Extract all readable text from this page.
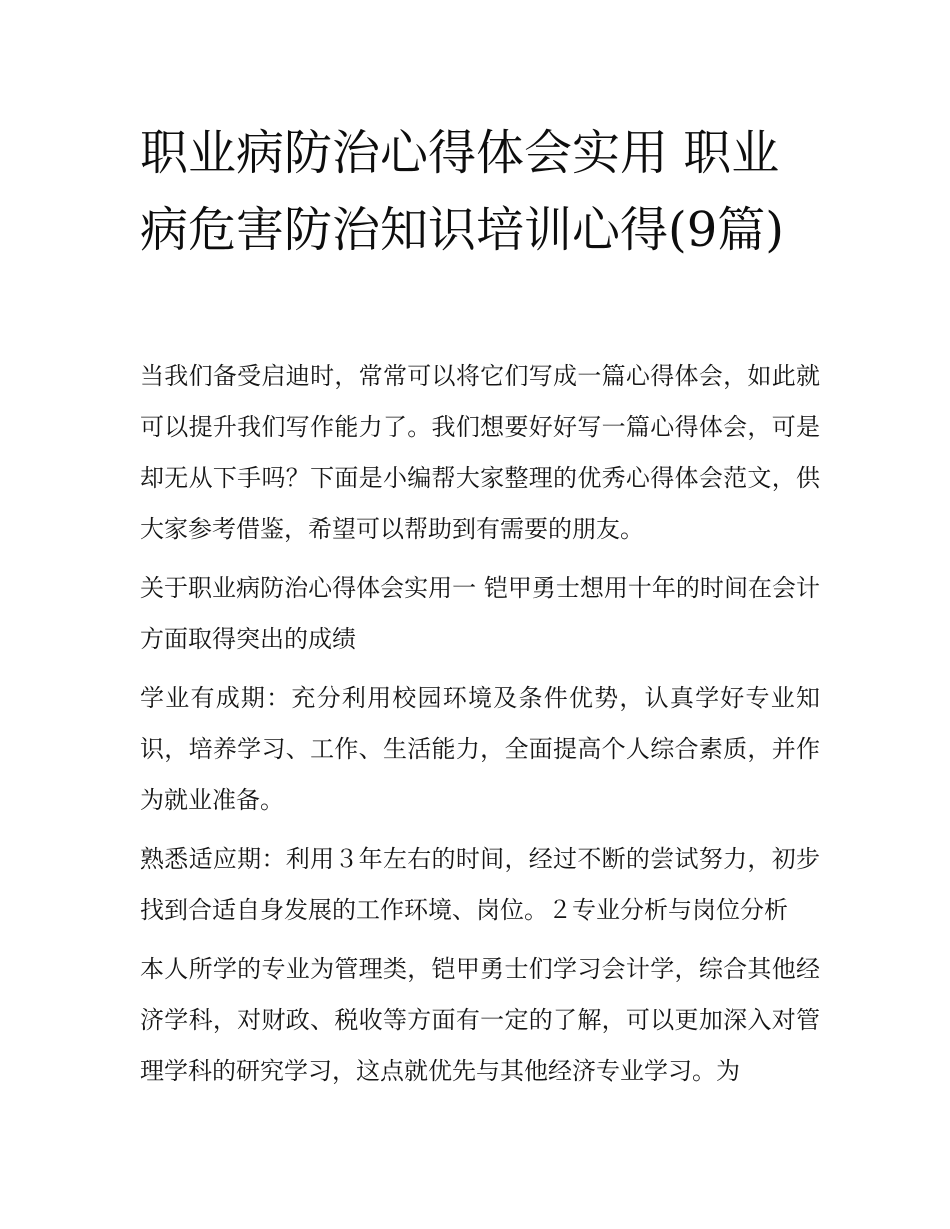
职业病防治心得体会实用 职业病危害防治知识培训心得(9篇)

当我们备受启迪时，常常可以将它们写成一篇心得体会，如此就可以提升我们写作能力了。我们想要好好写一篇心得体会，可是却无从下手吗？下面是小编帮大家整理的优秀心得体会范文，供大家参考借鉴，希望可以帮助到有需要的朋友。

关于职业病防治心得体会实用一 铠甲勇士想用十年的时间在会计方面取得突出的成绩

学业有成期：充分利用校园环境及条件优势，认真学好专业知识，培养学习、工作、生活能力，全面提高个人综合素质，并作为就业准备。

熟悉适应期：利用３年左右的时间，经过不断的尝试努力，初步找到合适自身发展的工作环境、岗位。２专业分析与岗位分析

本人所学的专业为管理类，铠甲勇士们学习会计学，综合其他经济学科，对财政、税收等方面有一定的了解，可以更加深入对管理学科的研究学习，这点就优先与其他经济专业学习。为
